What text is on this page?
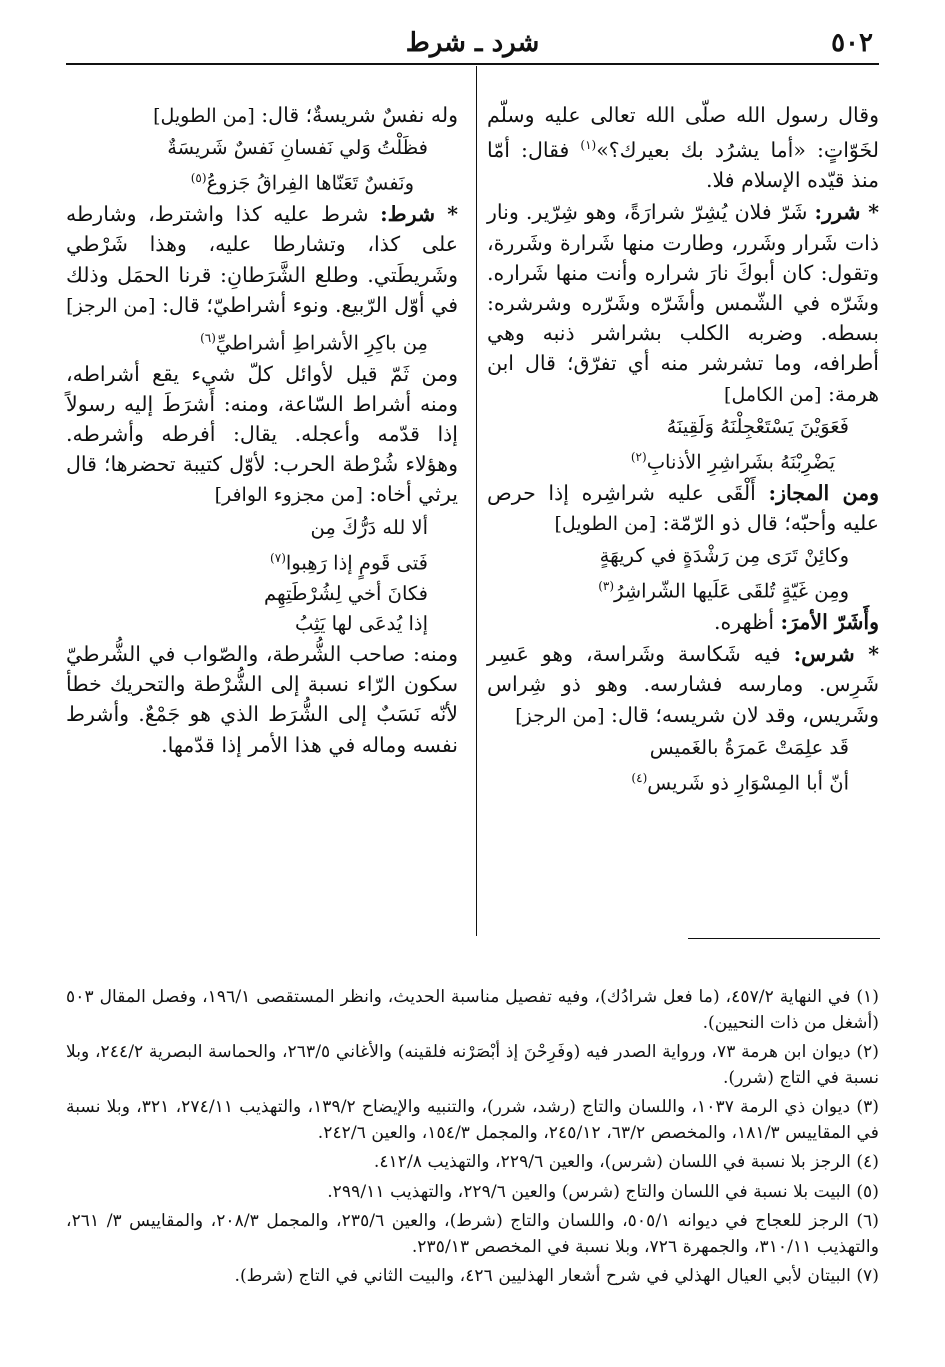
٥٠٢
شرد ـ شرط

وقال رسول الله صلّى الله تعالى عليه وسلّم لخَوّاتٍ: «أما يشرُد بك بعيرك؟»$^{(١)}$ فقال: أمّا منذ قيّده الإسلام فلا.

* شرر: شَرّ فلان يُشِرّ شرارَةً، وهو شِرّير. ونار ذات شَرار وشَرر، وطارت منها شَرارة وشَررة، وتقول: كان أبوكَ نارَ شراره وأنت منها شَراره. وشَرّه في الشّمس وأشَرّه وشَرّره وشرشره: بسطه. وضربه الكلب بشراشر ذنبه وهي أطرافه، وما تشرشر منه أي تفرّق؛ قال ابن هرمة: [من الكامل]

فَعَوَيْنَ يَسْتَعْجِلْنَهُ وَلَقِينَهُ
يَضْرِبْنَهُ بشَراشِرِ الأذنابِ$^{(٢)}$

ومن المجاز: أَلْقَى عليه شراشِره إذا حرص عليه وأحبّه؛ قال ذو الرّمّة: [من الطويل]

وكائِنْ تَرَى مِن رَشْدَةٍ في كريهَةٍ
ومِن غَيّةٍ تُلقَى عَلَيها الشّراشِرُ$^{(٣)}$

وأَشَرّ الأمرَ: أظهره.

* شرس: فيه شَكاسة وشَراسة، وهو عَسِر شَرِس. ومارسه فشارسه. وهو ذو شِراس وشَريس، وقد لان شريسه؛ قال: [من الرجز]

قَد علِمَتْ عَمرَةُ بالغَميس
أنّ أبا المِسْوَارِ ذو شَريس$^{(٤)}$

وله نفسٌ شريسةٌ؛ قال: [من الطويل]

فظَلْتُ وَلي نَفسانِ نَفسٌ شَريسَةٌ
ونَفسٌ تَعَنّاها الفِراقُ جَزوعُ$^{(٥)}$

* شرط: شرط عليه كذا واشترط، وشارطه على كذا، وتشارطا عليه، وهذا شَرْطي وشَريطَتي. وطلع الشَّرَطانِ: قرنا الحمَل وذلك في أوّل الرّبيع. ونوء أشراطيّ؛ قال: [من الرجز]

مِن باكِرِ الأشراطِ أشراطيِّ$^{(٦)}$

ومن ثَمّ قيل لأوائل كلّ شيء يقع أشراطه، ومنه أشراط السّاعة، ومنه: أَشرَطَ إليه رسولاً إذا قدّمه وأعجله. يقال: أفرطه وأشرطه. وهؤلاء شُرْطة الحرب: لأوّل كتيبة تحضرها؛ قال يرثي أخاه: [من مجزوء الوافر]

ألا لله دَرُّكَ مِن
فَتى قَومٍ إذا رَهِبوا$^{(٧)}$
فكانَ أخي لِشُرْطَتِهِم
إذا يُدعَى لها يَثِبُ

ومنه: صاحب الشُّرطة، والصّواب في الشُّرطيّ سكون الرّاء نسبة إلى الشُّرْطة والتحريك خطأ لأنّه نَسَبٌ إلى الشُّرَط الذي هو جَمْعٌ. وأشرط نفسه وماله في هذا الأمر إذا قدّمها.

(١) في النهاية ٤٥٧/٢، (ما فعل شرادُك)، وفيه تفصيل مناسبة الحديث، وانظر المستقصى ١٩٦/١، وفصل المقال ٥٠٣ (أشغل من ذات النحيين).

(٢) ديوان ابن هرمة ٧٣، ورواية الصدر فيه (وفَرِحْنَ إذ أبْصَرْنه فلقينه) والأغاني ٢٦٣/٥، والحماسة البصرية ٢٤٤/٢، وبلا نسبة في التاج (شرر).

(٣) ديوان ذي الرمة ١٠٣٧، واللسان والتاج (رشد، شرر)، والتنبيه والإيضاح ١٣٩/٢، والتهذيب ٢٧٤/١١، ٣٢١، وبلا نسبة في المقاييس ١٨١/٣، والمخصص ٦٣/٢، ٢٤٥/١٢، والمجمل ١٥٤/٣، والعين ٢٤٢/٦.

(٤) الرجز بلا نسبة في اللسان (شرس)، والعين ٢٢٩/٦، والتهذيب ٤١٢/٨.

(٥) البيت بلا نسبة في اللسان والتاج (شرس) والعين ٢٢٩/٦، والتهذيب ٢٩٩/١١.

(٦) الرجز للعجاج في ديوانه ٥٠٥/١، واللسان والتاج (شرط)، والعين ٢٣٥/٦، والمجمل ٢٠٨/٣، والمقاييس ٣/ ٢٦١، والتهذيب ٣١٠/١١، والجمهرة ٧٢٦، وبلا نسبة في المخصص ٢٣٥/١٣.

(٧) البيتان لأبي العيال الهذلي في شرح أشعار الهذليين ٤٢٦، والبيت الثاني في التاج (شرط).
